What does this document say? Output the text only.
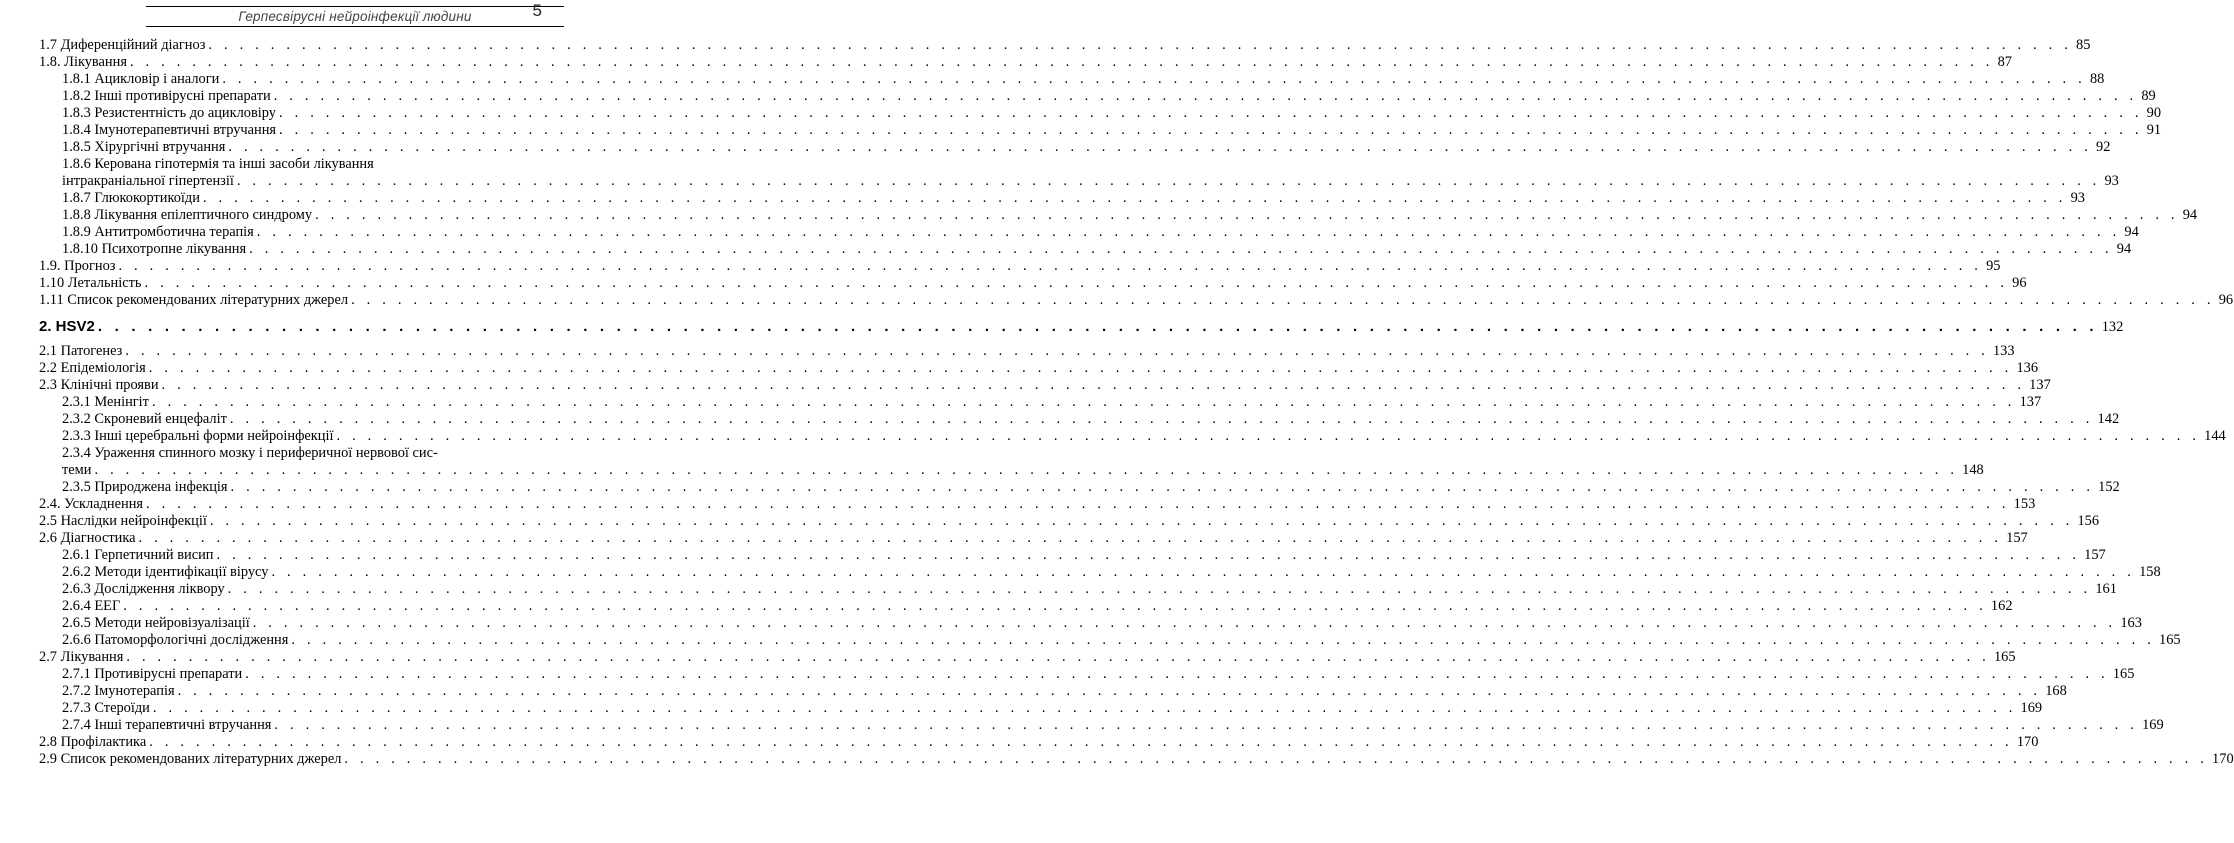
Герпесвірусні нейроінфекції людини	5
1.7 Диференційний діагноз . . . . . . . . . . . . . . . . . . . . . . . . . . . . . . . . . . . . . . . . . . . . . . . . . . . . . . . . . . . . . . . . . . . . . . . . . . . . . . . . . . . . . . . . . . . . . . . . . . . . . . . . . . . . . . . . . . . . . . . . 85
1.8. Лікування . . . . . . . . . . . . . . . . . . . . . . . . . . . . . . . . . . . . . . . . . . . . . . . . . . . . . . . . . . . . . . . . . . . . . . . . . . . . . . . . . . . . . . . . . . . . . . . . . . . . . . . . . . . . . . . . . . . . . . . . 87
1.8.1 Ацикловір і аналоги . . . . . . . . . . . . . . . . . . . . . . . . . . . . . . . . . . . . . . . . . . . . . . . . . . . . . . . . . . . . . . . . . . . . . . . . . . . . . . . . . . . . . . . . . . . . . . . . . . . . . . . . . . . . . . . . . . . . . . . . 88
1.8.2 Інші противірусні препарати . . . . . . . . . . . . . . . . . . . . . . . . . . . . . . . . . . . . . . . . . . . . . . . . . . . . . . . . . . . . . . . . . . . . . . . . . . . . . . . . . . . . . . . . . . . . . . . . . . . . . . . . . . . . . . . . . . . . . . . . 89
1.8.3 Резистентність до ацикловіру . . . . . . . . . . . . . . . . . . . . . . . . . . . . . . . . . . . . . . . . . . . . . . . . . . . . . . . . . . . . . . . . . . . . . . . . . . . . . . . . . . . . . . . . . . . . . . . . . . . . . . . . . . . . . . . . . . . . . . . . 90
1.8.4 Імунотерапевтичні втручання . . . . . . . . . . . . . . . . . . . . . . . . . . . . . . . . . . . . . . . . . . . . . . . . . . . . . . . . . . . . . . . . . . . . . . . . . . . . . . . . . . . . . . . . . . . . . . . . . . . . . . . . . . . . . . . . . . . . . . . . 91
1.8.5 Хірургічні втручання . . . . . . . . . . . . . . . . . . . . . . . . . . . . . . . . . . . . . . . . . . . . . . . . . . . . . . . . . . . . . . . . . . . . . . . . . . . . . . . . . . . . . . . . . . . . . . . . . . . . . . . . . . . . . . . . . . . . . . . . 92
1.8.6 Керована гіпотермія та інші засоби лікування
інтракраніальної гіпертензії . . . . . . . . . . . . . . . . . . . . . . . . . . . . . . . . . . . . . . . . . . . . . . . . . . . . . . . . . . . . . . . . . . . . . . . . . . . . . . . . . . . . . . . . . . . . . . . . . . . . . . . . . . . . . . . . . . . . . . . . 93
1.8.7 Глюкокортикоїди . . . . . . . . . . . . . . . . . . . . . . . . . . . . . . . . . . . . . . . . . . . . . . . . . . . . . . . . . . . . . . . . . . . . . . . . . . . . . . . . . . . . . . . . . . . . . . . . . . . . . . . . . . . . . . . . . . . . . . . . 93
1.8.8 Лікування епілептичного синдрому . . . . . . . . . . . . . . . . . . . . . . . . . . . . . . . . . . . . . . . . . . . . . . . . . . . . . . . . . . . . . . . . . . . . . . . . . . . . . . . . . . . . . . . . . . . . . . . . . . . . . . . . . . . . . . . . . . . . . . . . 94
1.8.9 Антитромботична терапія . . . . . . . . . . . . . . . . . . . . . . . . . . . . . . . . . . . . . . . . . . . . . . . . . . . . . . . . . . . . . . . . . . . . . . . . . . . . . . . . . . . . . . . . . . . . . . . . . . . . . . . . . . . . . . . . . . . . . . . . 94
1.8.10 Психотропне лікування . . . . . . . . . . . . . . . . . . . . . . . . . . . . . . . . . . . . . . . . . . . . . . . . . . . . . . . . . . . . . . . . . . . . . . . . . . . . . . . . . . . . . . . . . . . . . . . . . . . . . . . . . . . . . . . . . . . . . . . . 94
1.9. Прогноз . . . . . . . . . . . . . . . . . . . . . . . . . . . . . . . . . . . . . . . . . . . . . . . . . . . . . . . . . . . . . . . . . . . . . . . . . . . . . . . . . . . . . . . . . . . . . . . . . . . . . . . . . . . . . . . . . . . . . . . . 95
1.10 Летальність . . . . . . . . . . . . . . . . . . . . . . . . . . . . . . . . . . . . . . . . . . . . . . . . . . . . . . . . . . . . . . . . . . . . . . . . . . . . . . . . . . . . . . . . . . . . . . . . . . . . . . . . . . . . . . . . . . . . . . . . 96
1.11 Список рекомендованих літературних джерел . . . . . . . . . . . . . . . . . . . . . . . . . . . . . . . . . . . . . . . . . . . . . . . . . . . . . . . . . . . . . . . . . . . . . . . . . . . . . . . . . . . . . . . . . . . . . . . . . . . . . . . . . . . . . . . . . . . . . . . . 96
2. HSV2 . . . . . . . . . . . . . . . . . . . . . . . . . . . . . . . . . . . . . . . . . . . . . . . . . . . . . . . . . . . . . . . . . . . . . . . . . . . . . . . . . . . . . . . . . . . . . . . . . . . . . . . . . . . . . . . . . . . . . . . . 132
2.1 Патогенез . . . . . . . . . . . . . . . . . . . . . . . . . . . . . . . . . . . . . . . . . . . . . . . . . . . . . . . . . . . . . . . . . . . . . . . . . . . . . . . . . . . . . . . . . . . . . . . . . . . . . . . . . . . . . . . . . . . . . . . . 133
2.2 Епідеміологія . . . . . . . . . . . . . . . . . . . . . . . . . . . . . . . . . . . . . . . . . . . . . . . . . . . . . . . . . . . . . . . . . . . . . . . . . . . . . . . . . . . . . . . . . . . . . . . . . . . . . . . . . . . . . . . . . . . . . . . . 136
2.3 Клінічні прояви . . . . . . . . . . . . . . . . . . . . . . . . . . . . . . . . . . . . . . . . . . . . . . . . . . . . . . . . . . . . . . . . . . . . . . . . . . . . . . . . . . . . . . . . . . . . . . . . . . . . . . . . . . . . . . . . . . . . . . . . 137
2.3.1 Менінгіт . . . . . . . . . . . . . . . . . . . . . . . . . . . . . . . . . . . . . . . . . . . . . . . . . . . . . . . . . . . . . . . . . . . . . . . . . . . . . . . . . . . . . . . . . . . . . . . . . . . . . . . . . . . . . . . . . . . . . . . . 137
2.3.2 Скроневий енцефаліт . . . . . . . . . . . . . . . . . . . . . . . . . . . . . . . . . . . . . . . . . . . . . . . . . . . . . . . . . . . . . . . . . . . . . . . . . . . . . . . . . . . . . . . . . . . . . . . . . . . . . . . . . . . . . . . . . . . . . . . . 142
2.3.3 Інші церебральні форми нейроінфекції . . . . . . . . . . . . . . . . . . . . . . . . . . . . . . . . . . . . . . . . . . . . . . . . . . . . . . . . . . . . . . . . . . . . . . . . . . . . . . . . . . . . . . . . . . . . . . . . . . . . . . . . . . . . . . . . . . . . . . . . 144
2.3.4 Ураження спинного мозку і периферичної нервової сис-
теми . . . . . . . . . . . . . . . . . . . . . . . . . . . . . . . . . . . . . . . . . . . . . . . . . . . . . . . . . . . . . . . . . . . . . . . . . . . . . . . . . . . . . . . . . . . . . . . . . . . . . . . . . . . . . . . . . . . . . . . . 148
2.3.5 Природжена інфекція . . . . . . . . . . . . . . . . . . . . . . . . . . . . . . . . . . . . . . . . . . . . . . . . . . . . . . . . . . . . . . . . . . . . . . . . . . . . . . . . . . . . . . . . . . . . . . . . . . . . . . . . . . . . . . . . . . . . . . . . 152
2.4. Ускладнення . . . . . . . . . . . . . . . . . . . . . . . . . . . . . . . . . . . . . . . . . . . . . . . . . . . . . . . . . . . . . . . . . . . . . . . . . . . . . . . . . . . . . . . . . . . . . . . . . . . . . . . . . . . . . . . . . . . . . . . . 153
2.5 Наслідки нейроінфекції . . . . . . . . . . . . . . . . . . . . . . . . . . . . . . . . . . . . . . . . . . . . . . . . . . . . . . . . . . . . . . . . . . . . . . . . . . . . . . . . . . . . . . . . . . . . . . . . . . . . . . . . . . . . . . . . . . . . . . . . 156
2.6 Діагностика . . . . . . . . . . . . . . . . . . . . . . . . . . . . . . . . . . . . . . . . . . . . . . . . . . . . . . . . . . . . . . . . . . . . . . . . . . . . . . . . . . . . . . . . . . . . . . . . . . . . . . . . . . . . . . . . . . . . . . . . 157
2.6.1 Герпетичний висип . . . . . . . . . . . . . . . . . . . . . . . . . . . . . . . . . . . . . . . . . . . . . . . . . . . . . . . . . . . . . . . . . . . . . . . . . . . . . . . . . . . . . . . . . . . . . . . . . . . . . . . . . . . . . . . . . . . . . . . . 157
2.6.2 Методи ідентифікації вірусу . . . . . . . . . . . . . . . . . . . . . . . . . . . . . . . . . . . . . . . . . . . . . . . . . . . . . . . . . . . . . . . . . . . . . . . . . . . . . . . . . . . . . . . . . . . . . . . . . . . . . . . . . . . . . . . . . . . . . . . . 158
2.6.3 Дослідження ліквору . . . . . . . . . . . . . . . . . . . . . . . . . . . . . . . . . . . . . . . . . . . . . . . . . . . . . . . . . . . . . . . . . . . . . . . . . . . . . . . . . . . . . . . . . . . . . . . . . . . . . . . . . . . . . . . . . . . . . . . . 161
2.6.4 ЕЕГ . . . . . . . . . . . . . . . . . . . . . . . . . . . . . . . . . . . . . . . . . . . . . . . . . . . . . . . . . . . . . . . . . . . . . . . . . . . . . . . . . . . . . . . . . . . . . . . . . . . . . . . . . . . . . . . . . . . . . . . . 162
2.6.5 Методи нейровізуалізації . . . . . . . . . . . . . . . . . . . . . . . . . . . . . . . . . . . . . . . . . . . . . . . . . . . . . . . . . . . . . . . . . . . . . . . . . . . . . . . . . . . . . . . . . . . . . . . . . . . . . . . . . . . . . . . . . . . . . . . . 163
2.6.6 Патоморфологічні дослідження . . . . . . . . . . . . . . . . . . . . . . . . . . . . . . . . . . . . . . . . . . . . . . . . . . . . . . . . . . . . . . . . . . . . . . . . . . . . . . . . . . . . . . . . . . . . . . . . . . . . . . . . . . . . . . . . . . . . . . . . 165
2.7 Лікування . . . . . . . . . . . . . . . . . . . . . . . . . . . . . . . . . . . . . . . . . . . . . . . . . . . . . . . . . . . . . . . . . . . . . . . . . . . . . . . . . . . . . . . . . . . . . . . . . . . . . . . . . . . . . . . . . . . . . . . . 165
2.7.1 Противірусні препарати . . . . . . . . . . . . . . . . . . . . . . . . . . . . . . . . . . . . . . . . . . . . . . . . . . . . . . . . . . . . . . . . . . . . . . . . . . . . . . . . . . . . . . . . . . . . . . . . . . . . . . . . . . . . . . . . . . . . . . . . 165
2.7.2 Імунотерапія . . . . . . . . . . . . . . . . . . . . . . . . . . . . . . . . . . . . . . . . . . . . . . . . . . . . . . . . . . . . . . . . . . . . . . . . . . . . . . . . . . . . . . . . . . . . . . . . . . . . . . . . . . . . . . . . . . . . . . . . 168
2.7.3 Стероїди . . . . . . . . . . . . . . . . . . . . . . . . . . . . . . . . . . . . . . . . . . . . . . . . . . . . . . . . . . . . . . . . . . . . . . . . . . . . . . . . . . . . . . . . . . . . . . . . . . . . . . . . . . . . . . . . . . . . . . . . 169
2.7.4 Інші терапевтичні втручання . . . . . . . . . . . . . . . . . . . . . . . . . . . . . . . . . . . . . . . . . . . . . . . . . . . . . . . . . . . . . . . . . . . . . . . . . . . . . . . . . . . . . . . . . . . . . . . . . . . . . . . . . . . . . . . . . . . . . . . . 169
2.8 Профілактика . . . . . . . . . . . . . . . . . . . . . . . . . . . . . . . . . . . . . . . . . . . . . . . . . . . . . . . . . . . . . . . . . . . . . . . . . . . . . . . . . . . . . . . . . . . . . . . . . . . . . . . . . . . . . . . . . . . . . . . . 170
2.9 Список рекомендованих літературних джерел . . . . . . . . . . . . . . . . . . . . . . . . . . . . . . . . . . . . . . . . . . . . . . . . . . . . . . . . . . . . . . . . . . . . . . . . . . . . . . . . . . . . . . . . . . . . . . . . . . . . . . . . . . . . . . . . . . . . . . . . 170
